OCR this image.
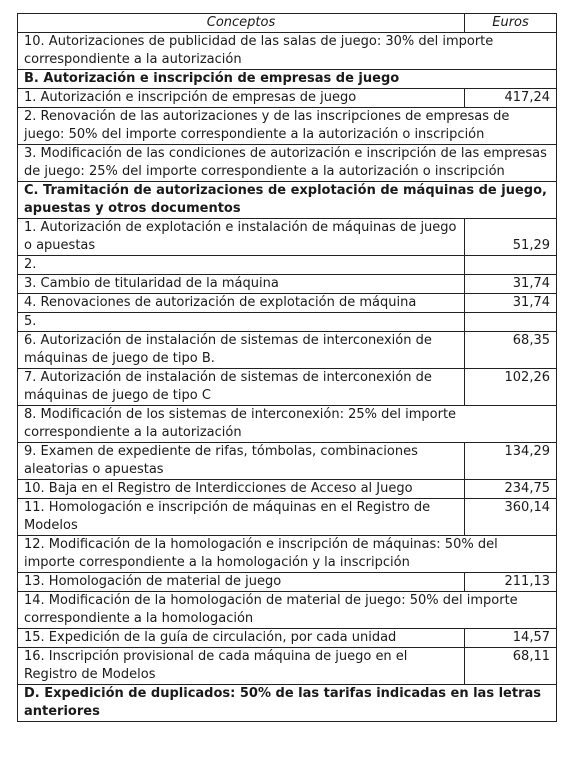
Conceptos	Euros
10. Autorizaciones de publicidad de las salas de juego: 30% del importe correspondiente a la autorización	
B. Autorización e inscripción de empresas de juego	
1. Autorización e inscripción de empresas de juego	417,24
2. Renovación de las autorizaciones y de las inscripciones de empresas de juego: 50% del importe correspondiente a la autorización o inscripción	
3. Modificación de las condiciones de autorización e inscripción de las empresas de juego: 25% del importe correspondiente a la autorización o inscripción	
C. Tramitación de autorizaciones de explotación de máquinas de juego, apuestas y otros documentos	
1. Autorización de explotación e instalación de máquinas de juego o apuestas	51,29
2.	
3. Cambio de titularidad de la máquina	31,74
4. Renovaciones de autorización de explotación de máquina	31,74
5.	
6. Autorización de instalación de sistemas de interconexión de máquinas de juego de tipo B.	68,35
7. Autorización de instalación de sistemas de interconexión de máquinas de juego de tipo C	102,26
8. Modificación de los sistemas de interconexión: 25% del importe correspondiente a la autorización	
9. Examen de expediente de rifas, tómbolas, combinaciones aleatorias o apuestas	134,29
10. Baja en el Registro de Interdicciones de Acceso al Juego	234,75
11. Homologación e inscripción de máquinas en el Registro de Modelos	360,14
12. Modificación de la homologación e inscripción de máquinas: 50% del importe correspondiente a la homologación y la inscripción	
13. Homologación de material de juego	211,13
14. Modificación de la homologación de material de juego: 50% del importe correspondiente a la homologación	
15. Expedición de la guía de circulación, por cada unidad	14,57
16. Inscripción provisional de cada máquina de juego en el Registro de Modelos	68,11
D. Expedición de duplicados: 50% de las tarifas indicadas en las letras anteriores	
